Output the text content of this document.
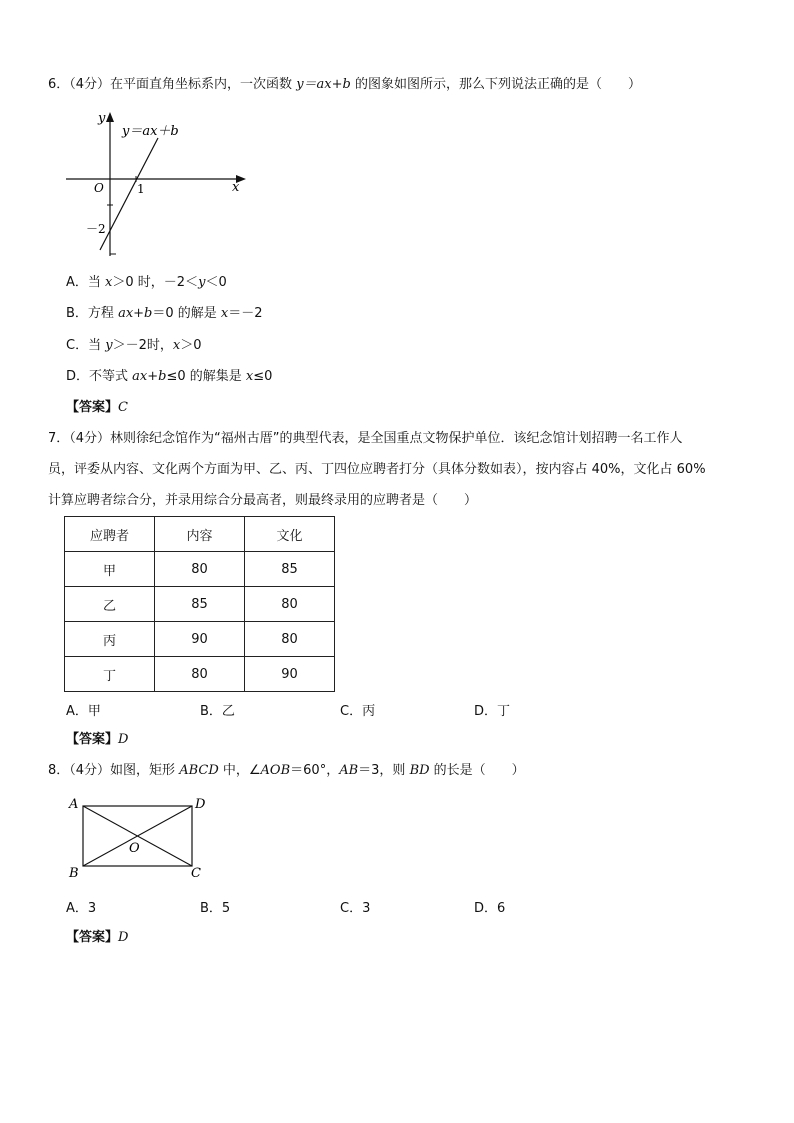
6．（4分）在平面直角坐标系内，一次函数 y＝ax+b 的图象如图所示，那么下列说法正确的是（　　）
y
x
O	1
－2
y＝ax＋b
A．当 x＞0 时，－2＜y＜0
B．方程 ax+b＝0 的解是 x＝－2
C．当 y＞－2时，x＞0
D．不等式 ax+b≤0 的解集是 x≤0
【答案】C
7．（4分）林则徐纪念馆作为“福州古厝”的典型代表，是全国重点文物保护单位．该纪念馆计划招聘一名工作人
员，评委从内容、文化两个方面为甲、乙、丙、丁四位应聘者打分（具体分数如表），按内容占 40%，文化占 60%
计算应聘者综合分，并录用综合分最高者，则最终录用的应聘者是（　　）
应聘者	内容	文化
甲	80	85
乙	85	80
丙	90	80
丁	80	90
A．甲	B．乙	C．丙	D．丁
【答案】D
8．（4分）如图，矩形 ABCD 中，∠AOB＝60°，AB＝3，则 BD 的长是（　　）
A	D
B	C
O
A．3	B．5	C．3	D．6
【答案】D
